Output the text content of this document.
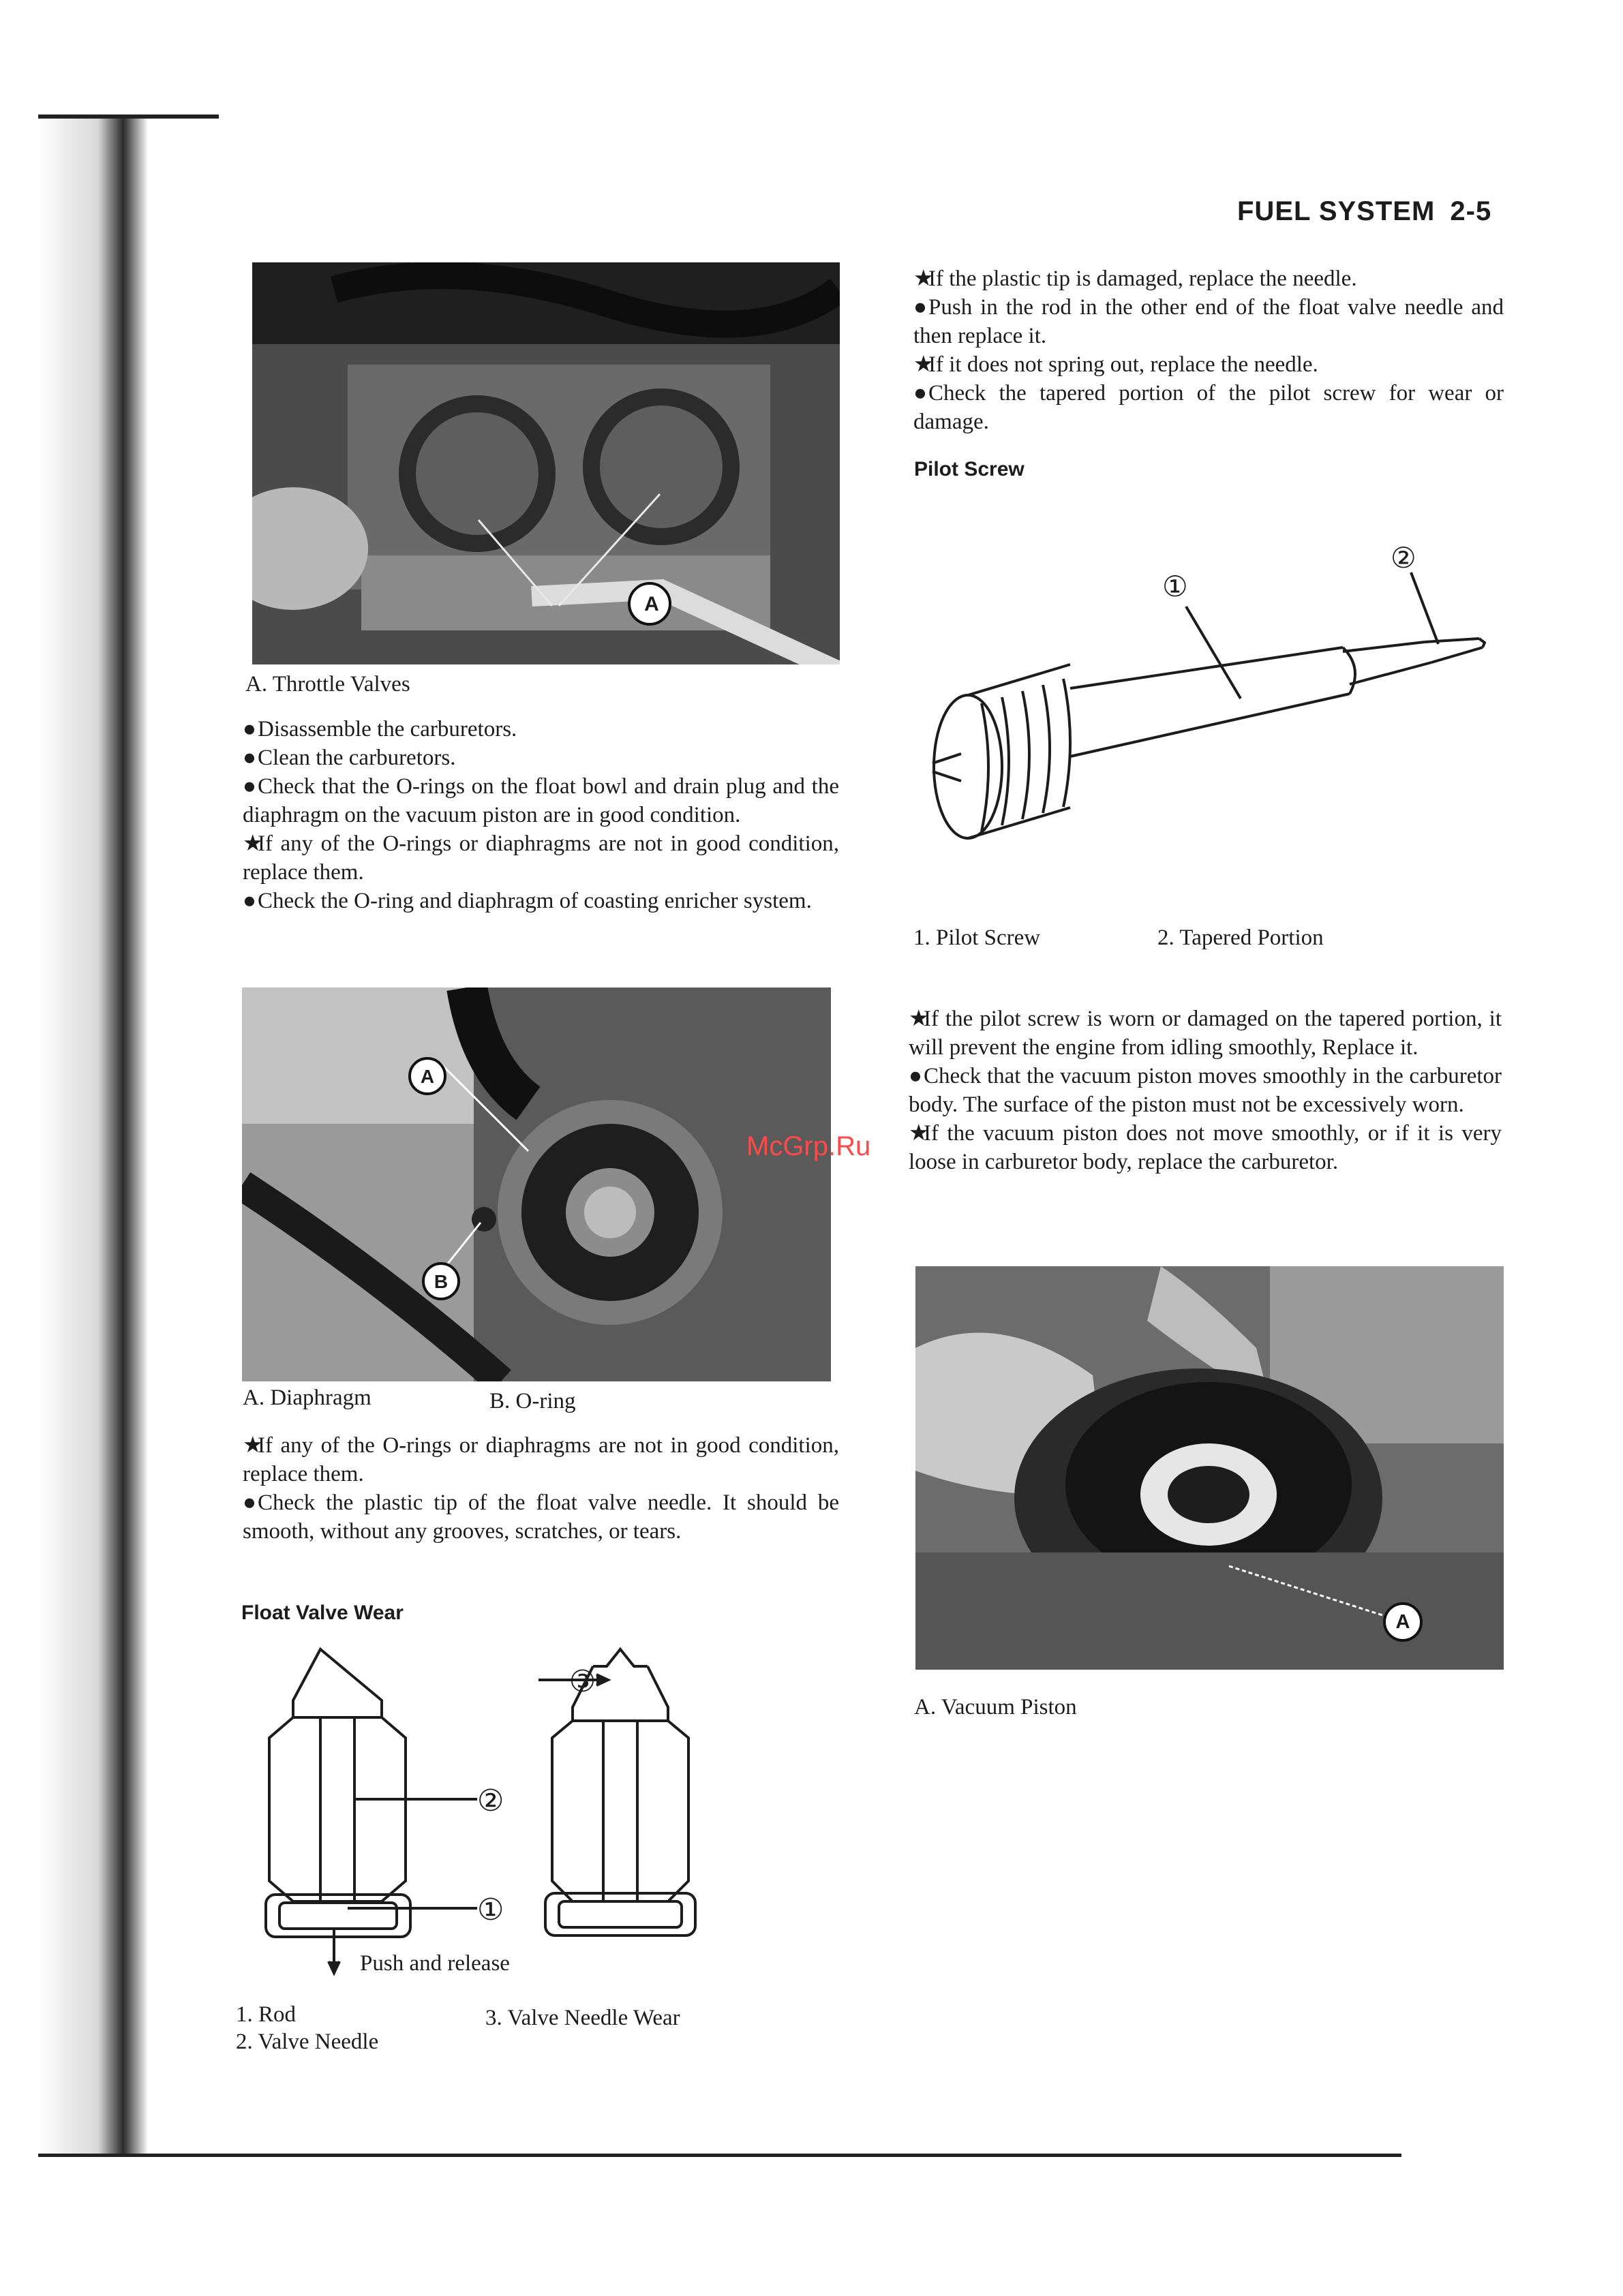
FUEL SYSTEM 2-5
A
A. Throttle Valves
●Disassemble the carburetors.
●Clean the carburetors.
●Check that the O-rings on the float bowl and drain plug and the diaphragm on the vacuum piston are in good condition.
★If any of the O-rings or diaphragms are not in good condition, replace them.
●Check the O-ring and diaphragm of coasting enricher system.
A
B
A. Diaphragm	B. O-ring
★If any of the O-rings or diaphragms are not in good condition, replace them.
●Check the plastic tip of the float valve needle. It should be smooth, without any grooves, scratches, or tears.
Float Valve Wear
②
①
③
Push and release
1. Rod
2. Valve Needle
3. Valve Needle Wear
★If the plastic tip is damaged, replace the needle.
●Push in the rod in the other end of the float valve needle and then replace it.
★If it does not spring out, replace the needle.
●Check the tapered portion of the pilot screw for wear or damage.
Pilot Screw
①
②
1. Pilot Screw	2. Tapered Portion
★If the pilot screw is worn or damaged on the tapered portion, it will prevent the engine from idling smoothly, Replace it.
●Check that the vacuum piston moves smoothly in the carburetor body. The surface of the piston must not be excessively worn.
★If the vacuum piston does not move smoothly, or if it is very loose in carburetor body, replace the carburetor.
McGrp.Ru
A
A. Vacuum Piston
